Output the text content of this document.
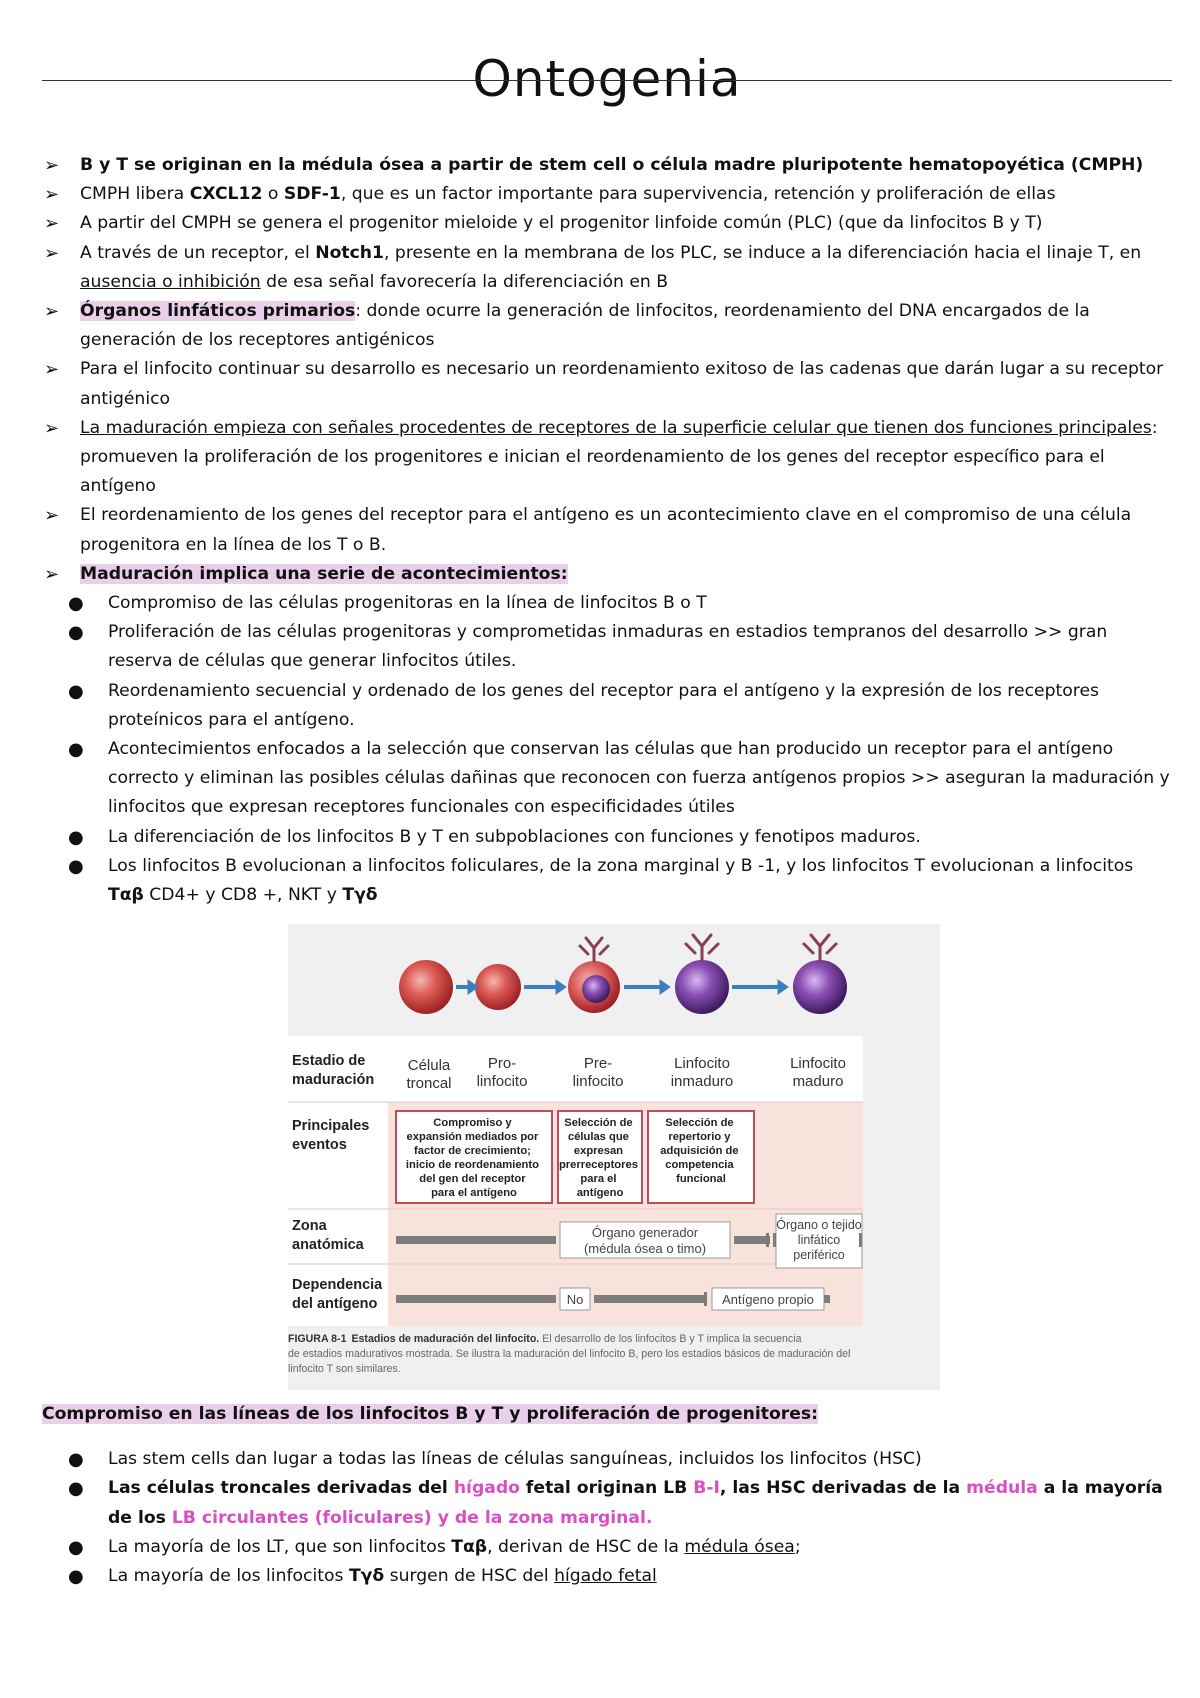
Ontogenia
➢ B y T se originan en la médula ósea a partir de stem cell o célula madre pluripotente hematopoyética (CMPH)
➢ CMPH libera CXCL12 o SDF-1, que es un factor importante para supervivencia, retención y proliferación de ellas
➢ A partir del CMPH se genera el progenitor mieloide y el progenitor linfoide común (PLC) (que da linfocitos B y T)
➢ A través de un receptor, el Notch1, presente en la membrana de los PLC, se induce a la diferenciación hacia el linaje T, en ausencia o inhibición de esa señal favorecería la diferenciación en B
➢ Órganos linfáticos primarios: donde ocurre la generación de linfocitos, reordenamiento del DNA encargados de la generación de los receptores antigénicos
➢ Para el linfocito continuar su desarrollo es necesario un reordenamiento exitoso de las cadenas que darán lugar a su receptor antigénico
➢ La maduración empieza con señales procedentes de receptores de la superficie celular que tienen dos funciones principales: promueven la proliferación de los progenitores e inician el reordenamiento de los genes del receptor específico para el antígeno
➢ El reordenamiento de los genes del receptor para el antígeno es un acontecimiento clave en el compromiso de una célula progenitora en la línea de los T o B.
➢ Maduración implica una serie de acontecimientos:
● Compromiso de las células progenitoras en la línea de linfocitos B o T
● Proliferación de las células progenitoras y comprometidas inmaduras en estadios tempranos del desarrollo >> gran reserva de células que generar linfocitos útiles.
● Reordenamiento secuencial y ordenado de los genes del receptor para el antígeno y la expresión de los receptores proteínicos para el antígeno.
● Acontecimientos enfocados a la selección que conservan las células que han producido un receptor para el antígeno correcto y eliminan las posibles células dañinas que reconocen con fuerza antígenos propios >> aseguran la maduración y linfocitos que expresan receptores funcionales con especificidades útiles
● La diferenciación de los linfocitos B y T en subpoblaciones con funciones y fenotipos maduros.
● Los linfocitos B evolucionan a linfocitos foliculares, de la zona marginal y B -1, y los linfocitos T evolucionan a linfocitos Tαβ CD4+ y CD8 +, NKT y Tγδ
Estadio de maduración
Principales eventos
Zona anatómica
Dependencia del antígeno
Célula troncal
Pro-linfocito
Pre-linfocito
Linfocito inmaduro
Linfocito maduro
Compromiso y expansión mediados por factor de crecimiento; inicio de reordenamiento del gen del receptor para el antígeno
Selección de células que expresan prerreceptores para el antígeno
Selección de repertorio y adquisición de competencia funcional
Órgano generador (médula ósea o timo)
Órgano o tejido linfático periférico
No	Antígeno propio
FIGURA 8-1 Estadios de maduración del linfocito. El desarrollo de los linfocitos B y T implica la secuencia
de estadios madurativos mostrada. Se ilustra la maduración del linfocito B, pero los estadios básicos de maduración del
linfocito T son similares.
Compromiso en las líneas de los linfocitos B y T y proliferación de progenitores:
● Las stem cells dan lugar a todas las líneas de células sanguíneas, incluidos los linfocitos (HSC)
● Las células troncales derivadas del hígado fetal originan LB B-I, las HSC derivadas de la médula a la mayoría de los LB circulantes (foliculares) y de la zona marginal.
● La mayoría de los LT, que son linfocitos Tαβ, derivan de HSC de la médula ósea;
● La mayoría de los linfocitos Tγδ surgen de HSC del hígado fetal
